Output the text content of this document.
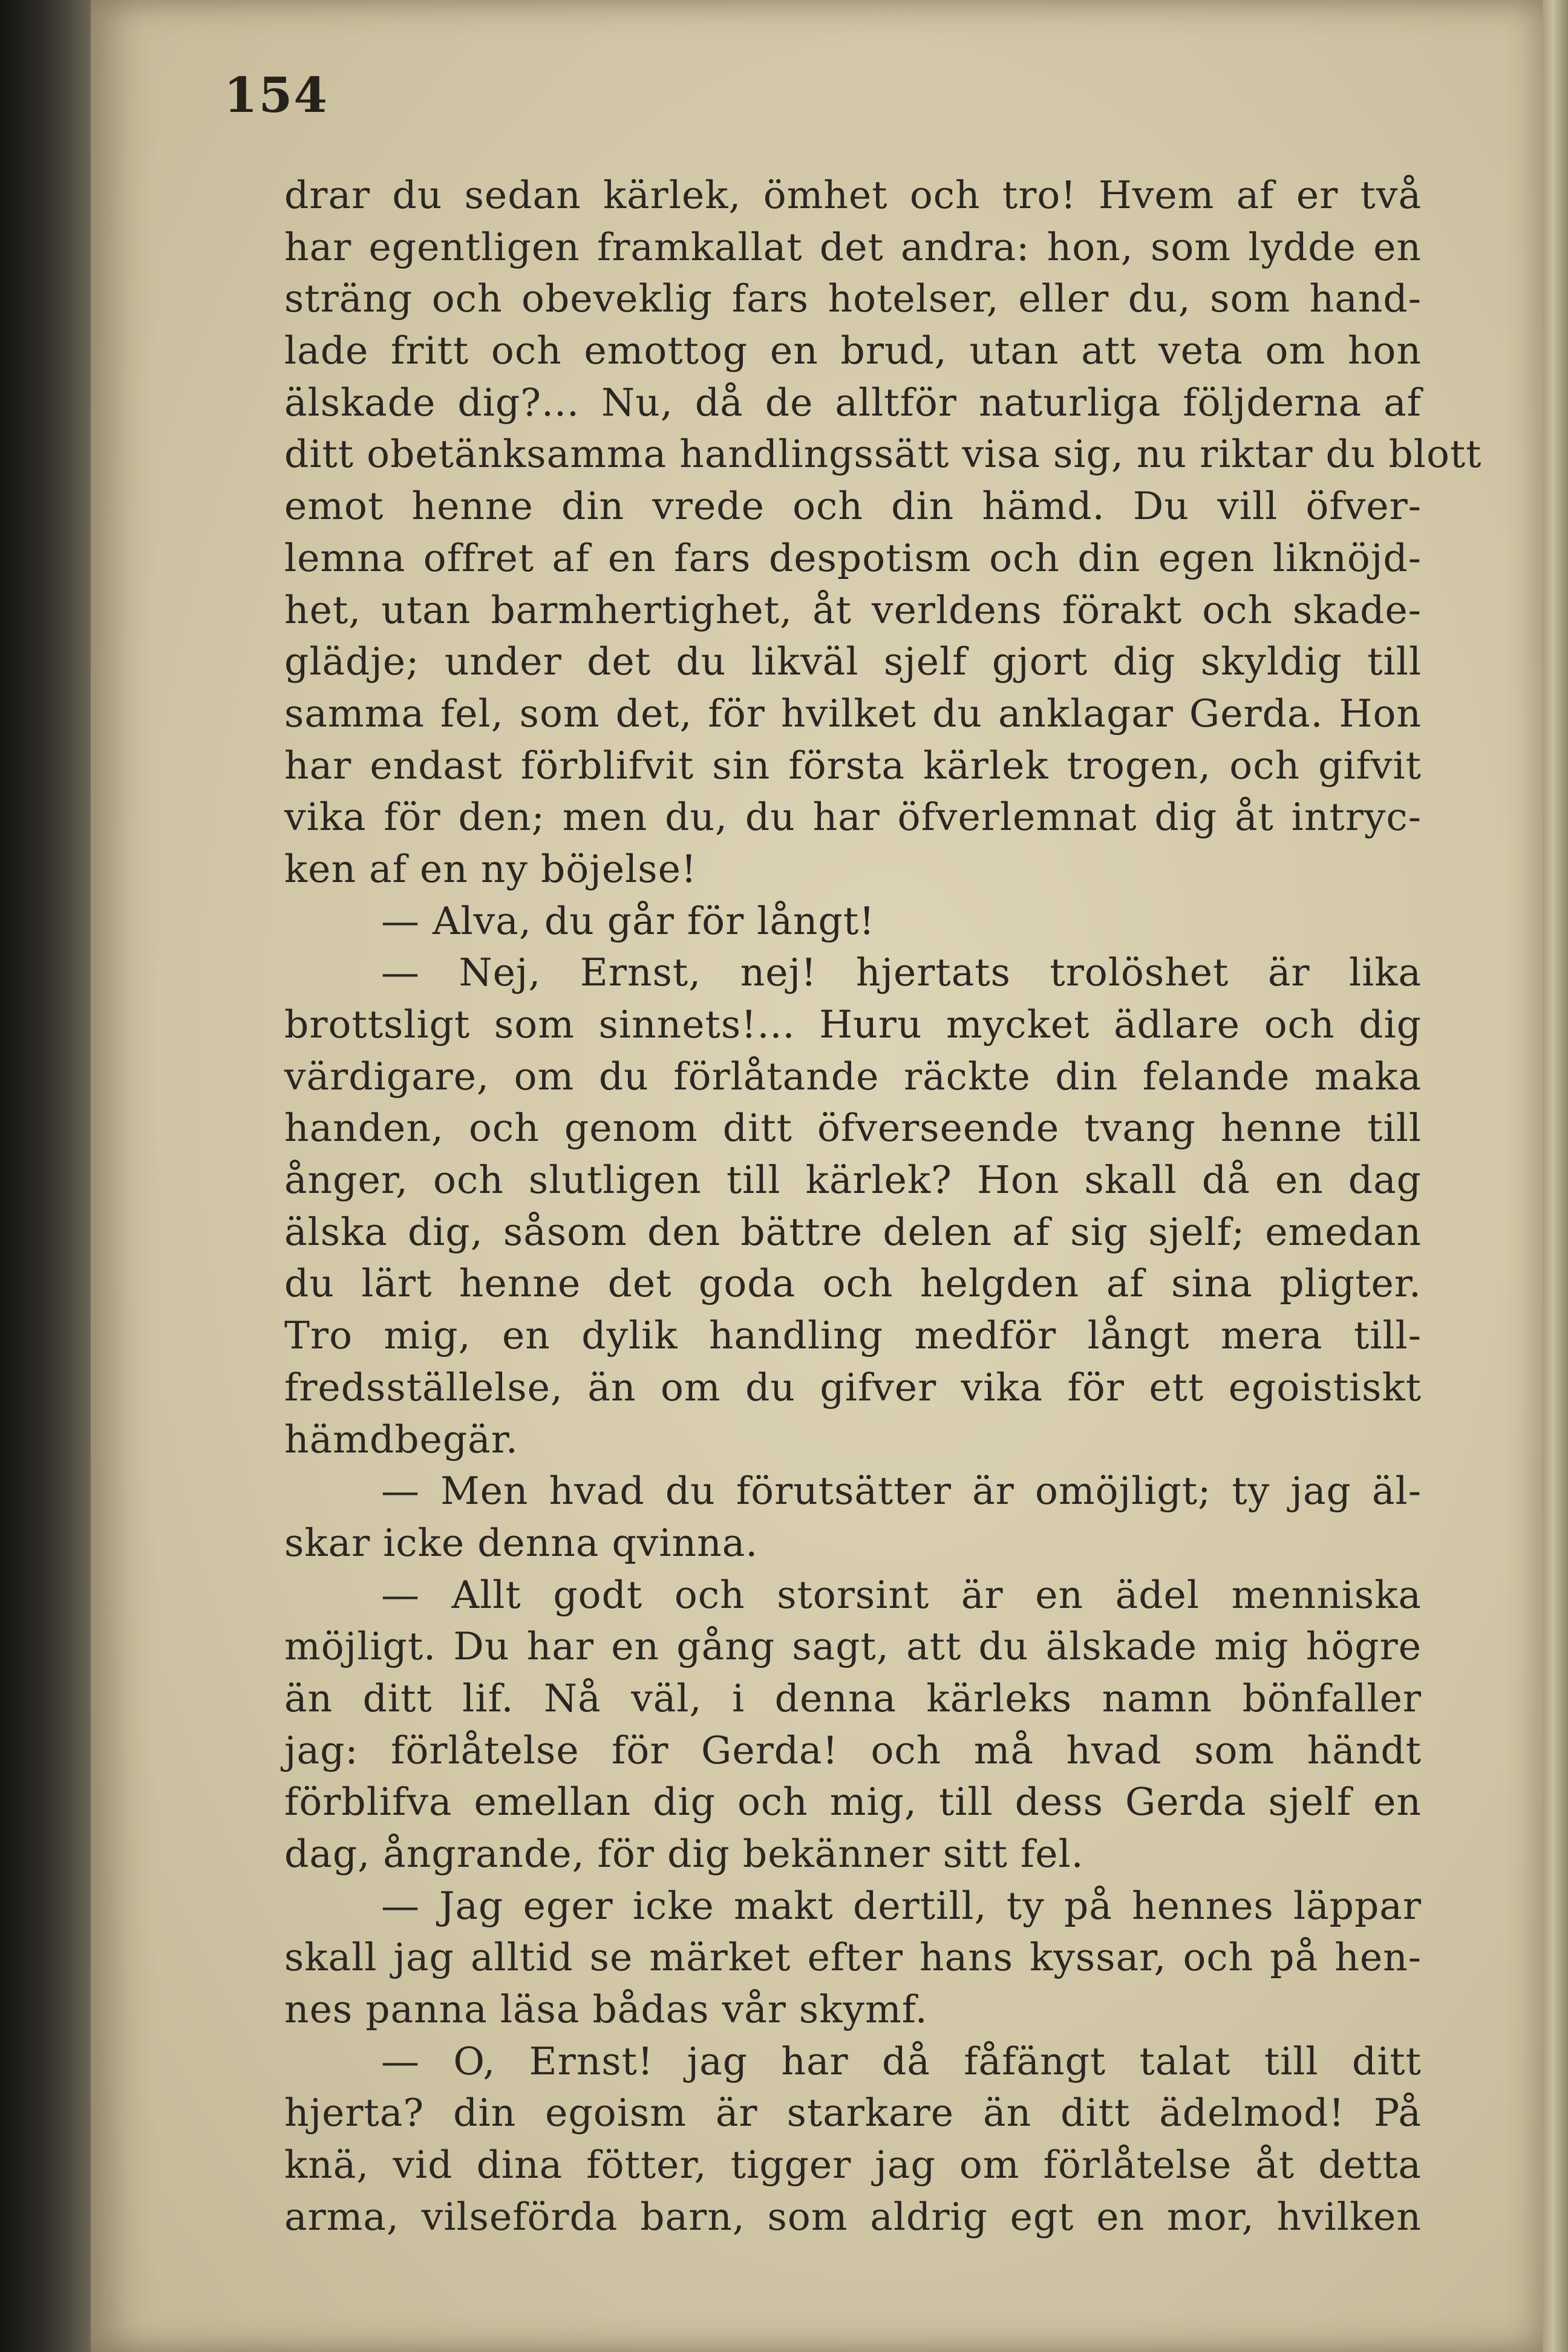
154
drar du sedan kärlek, ömhet och tro! Hvem af er två
har egentligen framkallat det andra: hon, som lydde en
sträng och obeveklig fars hotelser, eller du, som hand-
lade fritt och emottog en brud, utan att veta om hon
älskade dig?... Nu, då de alltför naturliga följderna af
ditt obetänksamma handlingssätt visa sig, nu riktar du blott
emot henne din vrede och din hämd. Du vill öfver-
lemna offret af en fars despotism och din egen liknöjd-
het, utan barmhertighet, åt verldens förakt och skade-
glädje; under det du likväl sjelf gjort dig skyldig till
samma fel, som det, för hvilket du anklagar Gerda. Hon
har endast förblifvit sin första kärlek trogen, och gifvit
vika för den; men du, du har öfverlemnat dig åt intryc-
ken af en ny böjelse!
— Alva, du går för långt!
— Nej, Ernst, nej! hjertats trolöshet är lika
brottsligt som sinnets!... Huru mycket ädlare och dig
värdigare, om du förlåtande räckte din felande maka
handen, och genom ditt öfverseende tvang henne till
ånger, och slutligen till kärlek? Hon skall då en dag
älska dig, såsom den bättre delen af sig sjelf; emedan
du lärt henne det goda och helgden af sina pligter.
Tro mig, en dylik handling medför långt mera till-
fredsställelse, än om du gifver vika för ett egoistiskt
hämdbegär.
— Men hvad du förutsätter är omöjligt; ty jag äl-
skar icke denna qvinna.
— Allt godt och storsint är en ädel menniska
möjligt. Du har en gång sagt, att du älskade mig högre
än ditt lif. Nå väl, i denna kärleks namn bönfaller
jag: förlåtelse för Gerda! och må hvad som händt
förblifva emellan dig och mig, till dess Gerda sjelf en
dag, ångrande, för dig bekänner sitt fel.
— Jag eger icke makt dertill, ty på hennes läppar
skall jag alltid se märket efter hans kyssar, och på hen-
nes panna läsa bådas vår skymf.
— O, Ernst! jag har då fåfängt talat till ditt
hjerta? din egoism är starkare än ditt ädelmod! På
knä, vid dina fötter, tigger jag om förlåtelse åt detta
arma, vilseförda barn, som aldrig egt en mor, hvilken
